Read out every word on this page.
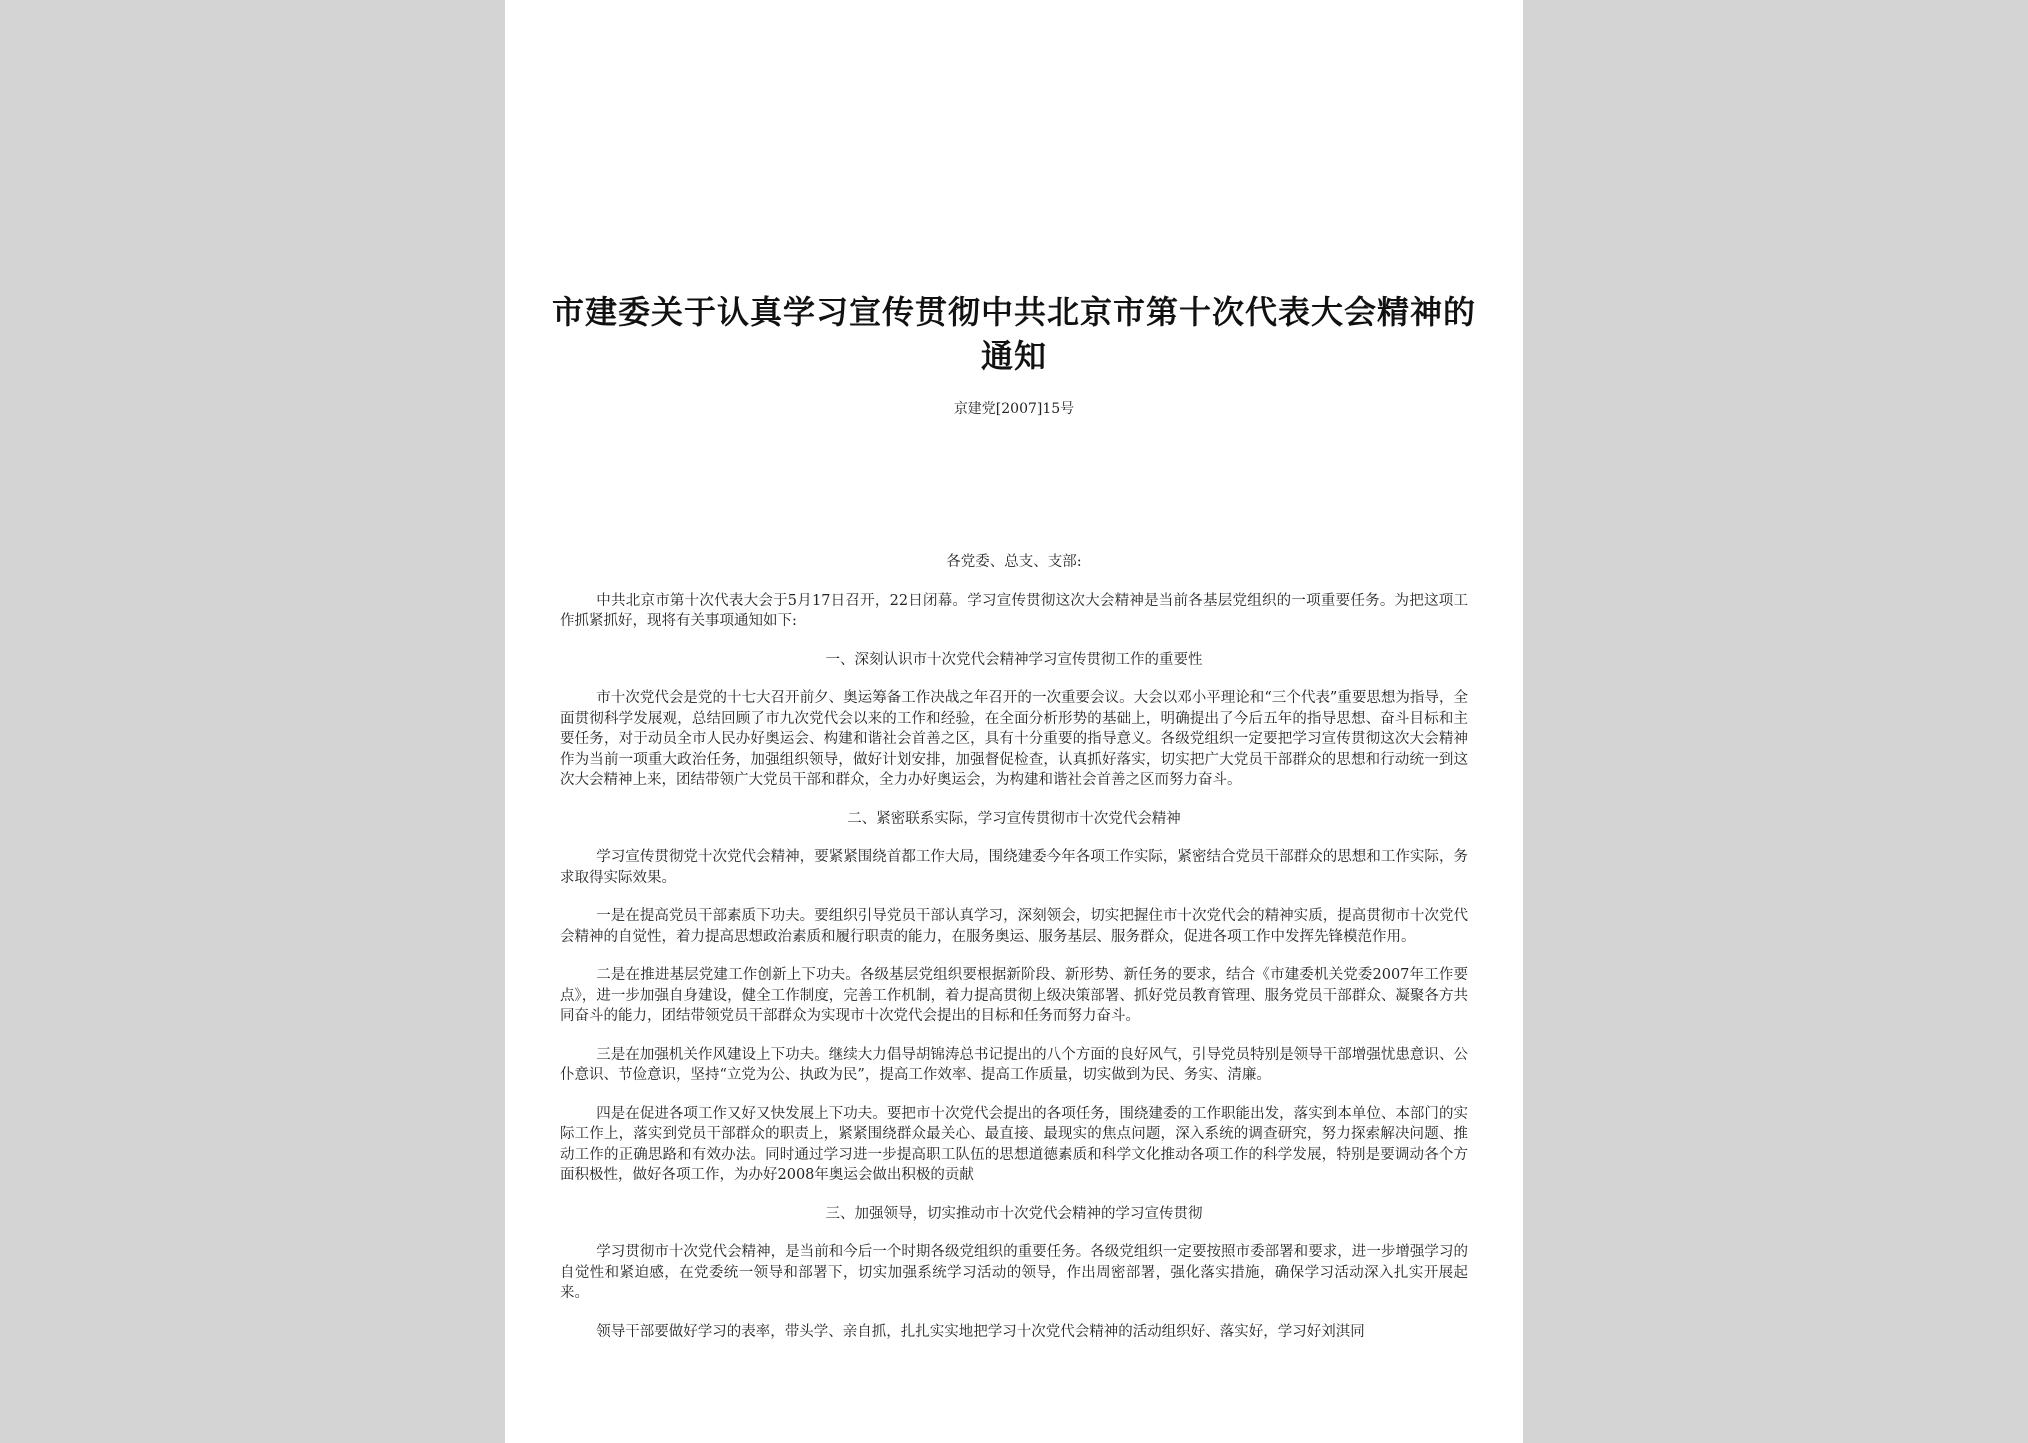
市建委关于认真学习宣传贯彻中共北京市第十次代表大会精神的通知
京建党[2007]15号

各党委、总支、支部:

中共北京市第十次代表大会于5月17日召开，22日闭幕。学习宣传贯彻这次大会精神是当前各基层党组织的一项重要任务。为把这项工作抓紧抓好，现将有关事项通知如下:

一、深刻认识市十次党代会精神学习宣传贯彻工作的重要性

市十次党代会是党的十七大召开前夕、奥运筹备工作决战之年召开的一次重要会议。大会以邓小平理论和“三个代表”重要思想为指导，全面贯彻科学发展观，总结回顾了市九次党代会以来的工作和经验，在全面分析形势的基础上，明确提出了今后五年的指导思想、奋斗目标和主要任务，对于动员全市人民办好奥运会、构建和谐社会首善之区，具有十分重要的指导意义。各级党组织一定要把学习宣传贯彻这次大会精神作为当前一项重大政治任务，加强组织领导，做好计划安排，加强督促检查，认真抓好落实，切实把广大党员干部群众的思想和行动统一到这次大会精神上来，团结带领广大党员干部和群众，全力办好奥运会，为构建和谐社会首善之区而努力奋斗。

二、紧密联系实际，学习宣传贯彻市十次党代会精神

学习宣传贯彻党十次党代会精神，要紧紧围绕首都工作大局，围绕建委今年各项工作实际，紧密结合党员干部群众的思想和工作实际，务求取得实际效果。

一是在提高党员干部素质下功夫。要组织引导党员干部认真学习，深刻领会，切实把握住市十次党代会的精神实质，提高贯彻市十次党代会精神的自觉性，着力提高思想政治素质和履行职责的能力，在服务奥运、服务基层、服务群众，促进各项工作中发挥先锋模范作用。

二是在推进基层党建工作创新上下功夫。各级基层党组织要根据新阶段、新形势、新任务的要求，结合《市建委机关党委2007年工作要点》，进一步加强自身建设，健全工作制度，完善工作机制，着力提高贯彻上级决策部署、抓好党员教育管理、服务党员干部群众、凝聚各方共同奋斗的能力，团结带领党员干部群众为实现市十次党代会提出的目标和任务而努力奋斗。

三是在加强机关作风建设上下功夫。继续大力倡导胡锦涛总书记提出的八个方面的良好风气，引导党员特别是领导干部增强忧患意识、公仆意识、节俭意识，坚持“立党为公、执政为民”，提高工作效率、提高工作质量，切实做到为民、务实、清廉。

四是在促进各项工作又好又快发展上下功夫。要把市十次党代会提出的各项任务，围绕建委的工作职能出发，落实到本单位、本部门的实际工作上，落实到党员干部群众的职责上，紧紧围绕群众最关心、最直接、最现实的焦点问题，深入系统的调查研究，努力探索解决问题、推动工作的正确思路和有效办法。同时通过学习进一步提高职工队伍的思想道德素质和科学文化推动各项工作的科学发展，特别是要调动各个方面积极性，做好各项工作，为办好2008年奥运会做出积极的贡献

三、加强领导，切实推动市十次党代会精神的学习宣传贯彻

学习贯彻市十次党代会精神，是当前和今后一个时期各级党组织的重要任务。各级党组织一定要按照市委部署和要求，进一步增强学习的自觉性和紧迫感，在党委统一领导和部署下，切实加强系统学习活动的领导，作出周密部署，强化落实措施，确保学习活动深入扎实开展起来。

领导干部要做好学习的表率，带头学、亲自抓，扎扎实实地把学习十次党代会精神的活动组织好、落实好，学习好刘淇同
